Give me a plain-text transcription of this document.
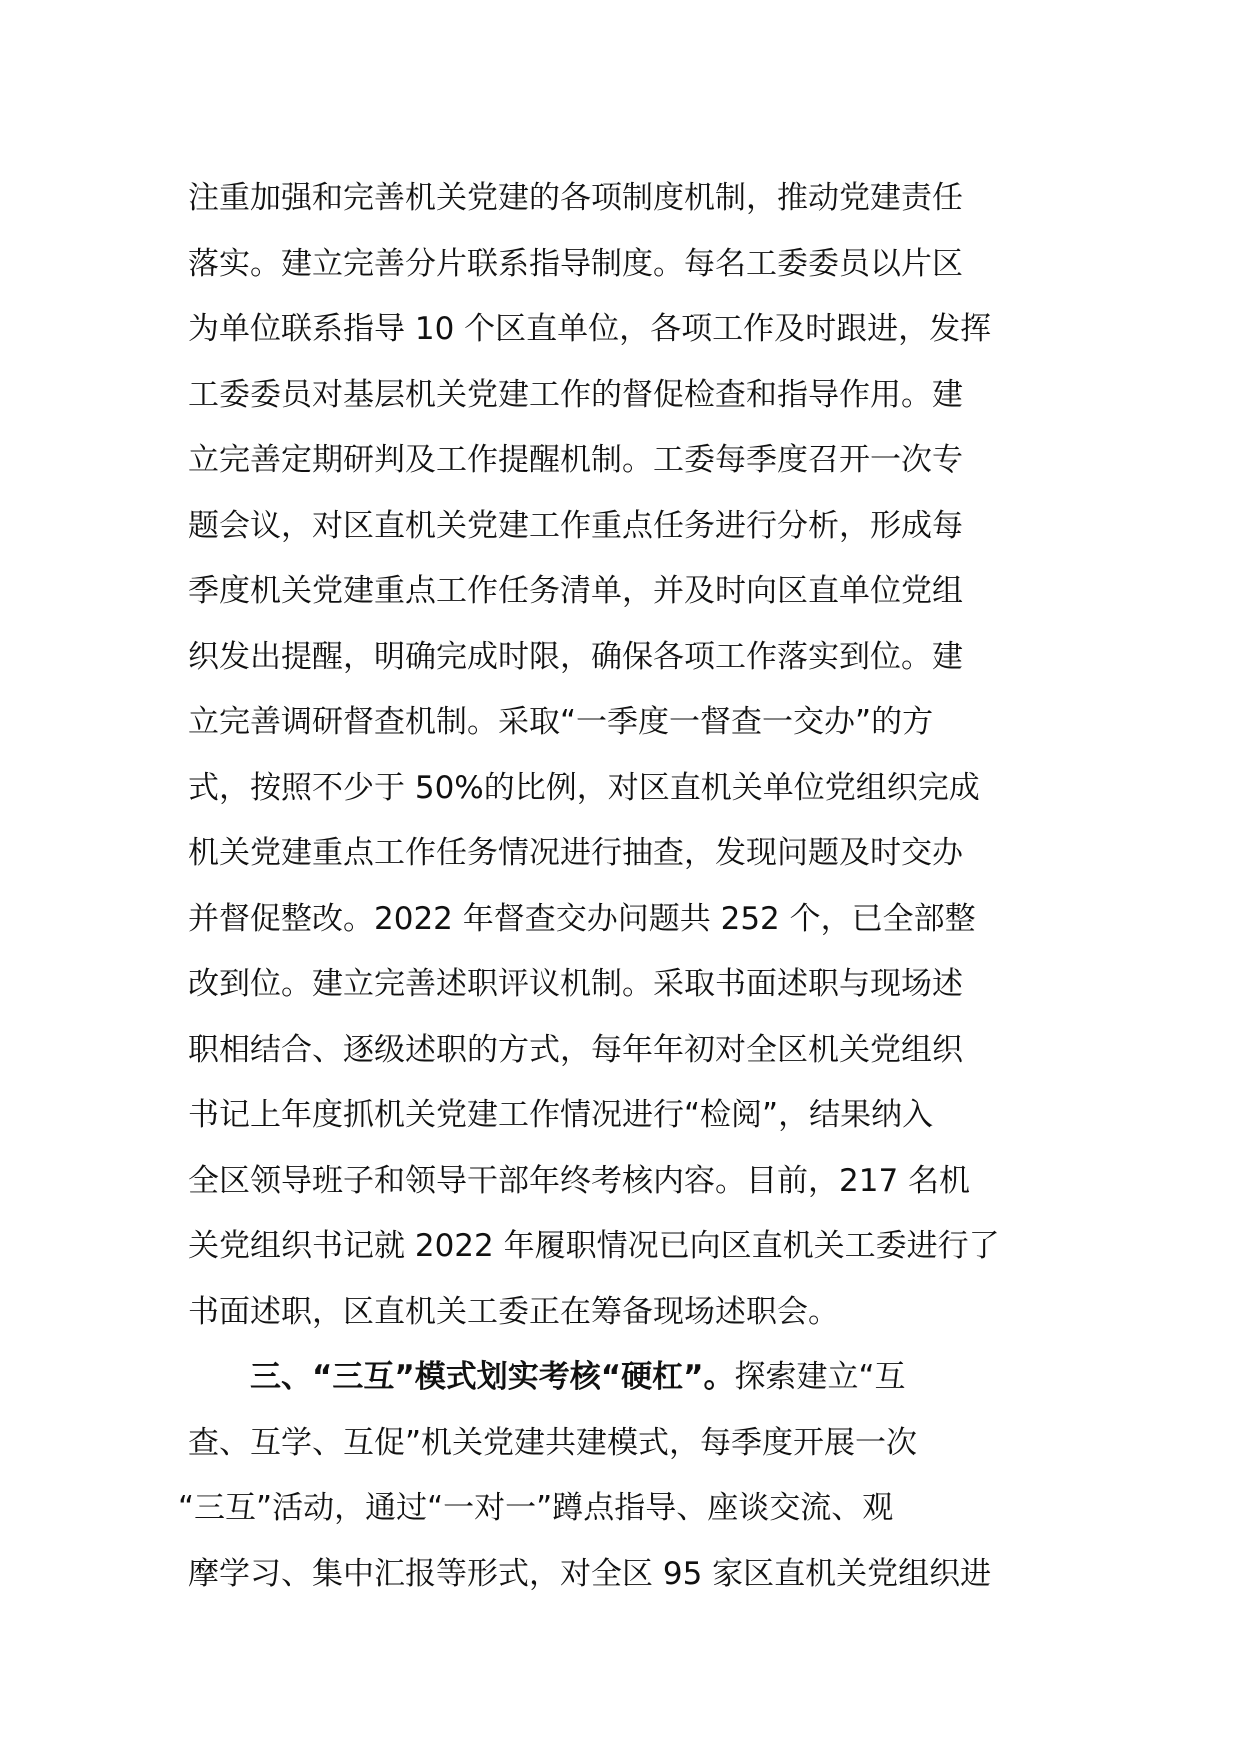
注重加强和完善机关党建的各项制度机制，推动党建责任
落实。建立完善分片联系指导制度。每名工委委员以片区
为单位联系指导 10 个区直单位，各项工作及时跟进，发挥
工委委员对基层机关党建工作的督促检查和指导作用。建
立完善定期研判及工作提醒机制。工委每季度召开一次专
题会议，对区直机关党建工作重点任务进行分析，形成每
季度机关党建重点工作任务清单，并及时向区直单位党组
织发出提醒，明确完成时限，确保各项工作落实到位。建
立完善调研督查机制。采取“一季度一督查一交办”的方
式，按照不少于 50%的比例，对区直机关单位党组织完成
机关党建重点工作任务情况进行抽查，发现问题及时交办
并督促整改。2022 年督查交办问题共 252 个，已全部整
改到位。建立完善述职评议机制。采取书面述职与现场述
职相结合、逐级述职的方式，每年年初对全区机关党组织
书记上年度抓机关党建工作情况进行“检阅”，结果纳入
全区领导班子和领导干部年终考核内容。目前，217 名机
关党组织书记就 2022 年履职情况已向区直机关工委进行了
书面述职，区直机关工委正在筹备现场述职会。
三、“三互”模式划实考核“硬杠”。探索建立“互
查、互学、互促”机关党建共建模式，每季度开展一次
“三互”活动，通过“一对一”蹲点指导、座谈交流、观
摩学习、集中汇报等形式，对全区 95 家区直机关党组织进
